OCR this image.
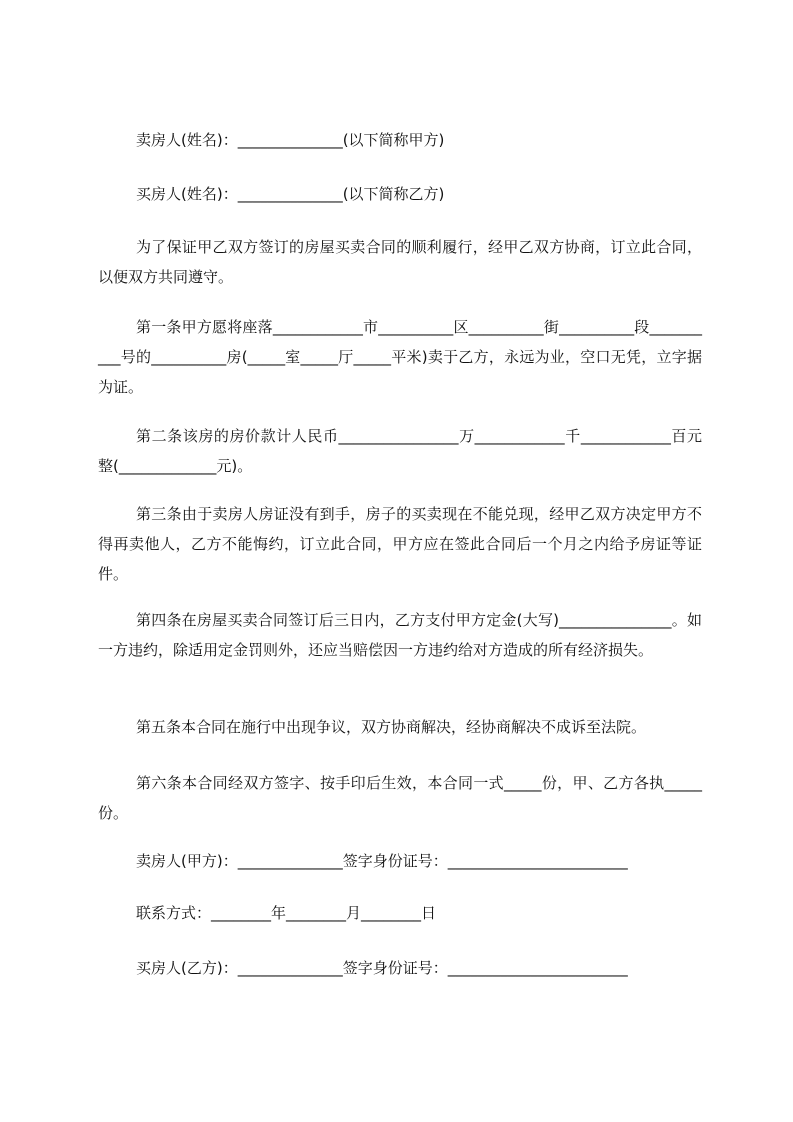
卖房人(姓名)：______________(以下简称甲方)
买房人(姓名)：______________(以下简称乙方)
为了保证甲乙双方签订的房屋买卖合同的顺利履行，经甲乙双方协商，订立此合同，以便双方共同遵守。
第一条甲方愿将座落____________市__________区__________街__________段__________号的__________房(_____室_____厅_____平米)卖于乙方，永远为业，空口无凭，立字据为证。
第二条该房的房价款计人民币________________万____________千____________百元整(_____________元)。
第三条由于卖房人房证没有到手，房子的买卖现在不能兑现，经甲乙双方决定甲方不得再卖他人，乙方不能悔约，订立此合同，甲方应在签此合同后一个月之内给予房证等证件。
第四条在房屋买卖合同签订后三日内，乙方支付甲方定金(大写)_______________。如一方违约，除适用定金罚则外，还应当赔偿因一方违约给对方造成的所有经济损失。
第五条本合同在施行中出现争议，双方协商解决，经协商解决不成诉至法院。
第六条本合同经双方签字、按手印后生效，本合同一式_____份，甲、乙方各执_____份。
卖房人(甲方)：______________签字身份证号：________________________
联系方式：________年________月________日
买房人(乙方)：______________签字身份证号：________________________
